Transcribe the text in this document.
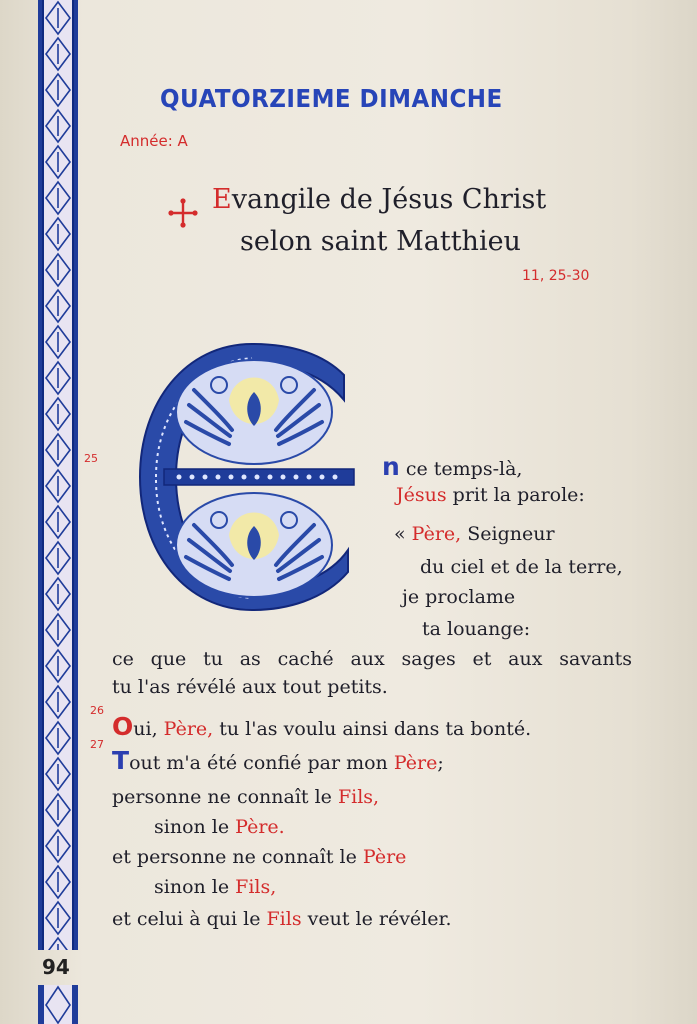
94
QUATORZIEME DIMANCHE
Année: A
Evangile de Jésus Christ
selon saint Matthieu
11, 25-30
25
26
27
n ce temps-là,
Jésus prit la parole:
« Père, Seigneur
du ciel et de la terre,
je proclame
ta louange:
ce que tu as caché aux sages et aux savants
tu l'as révélé aux tout petits.
Oui, Père, tu l'as voulu ainsi dans ta bonté.
Tout m'a été confié par mon Père;
personne ne connaît le Fils,
sinon le Père.
et personne ne connaît le Père
sinon le Fils,
et celui à qui le Fils veut le révéler.
